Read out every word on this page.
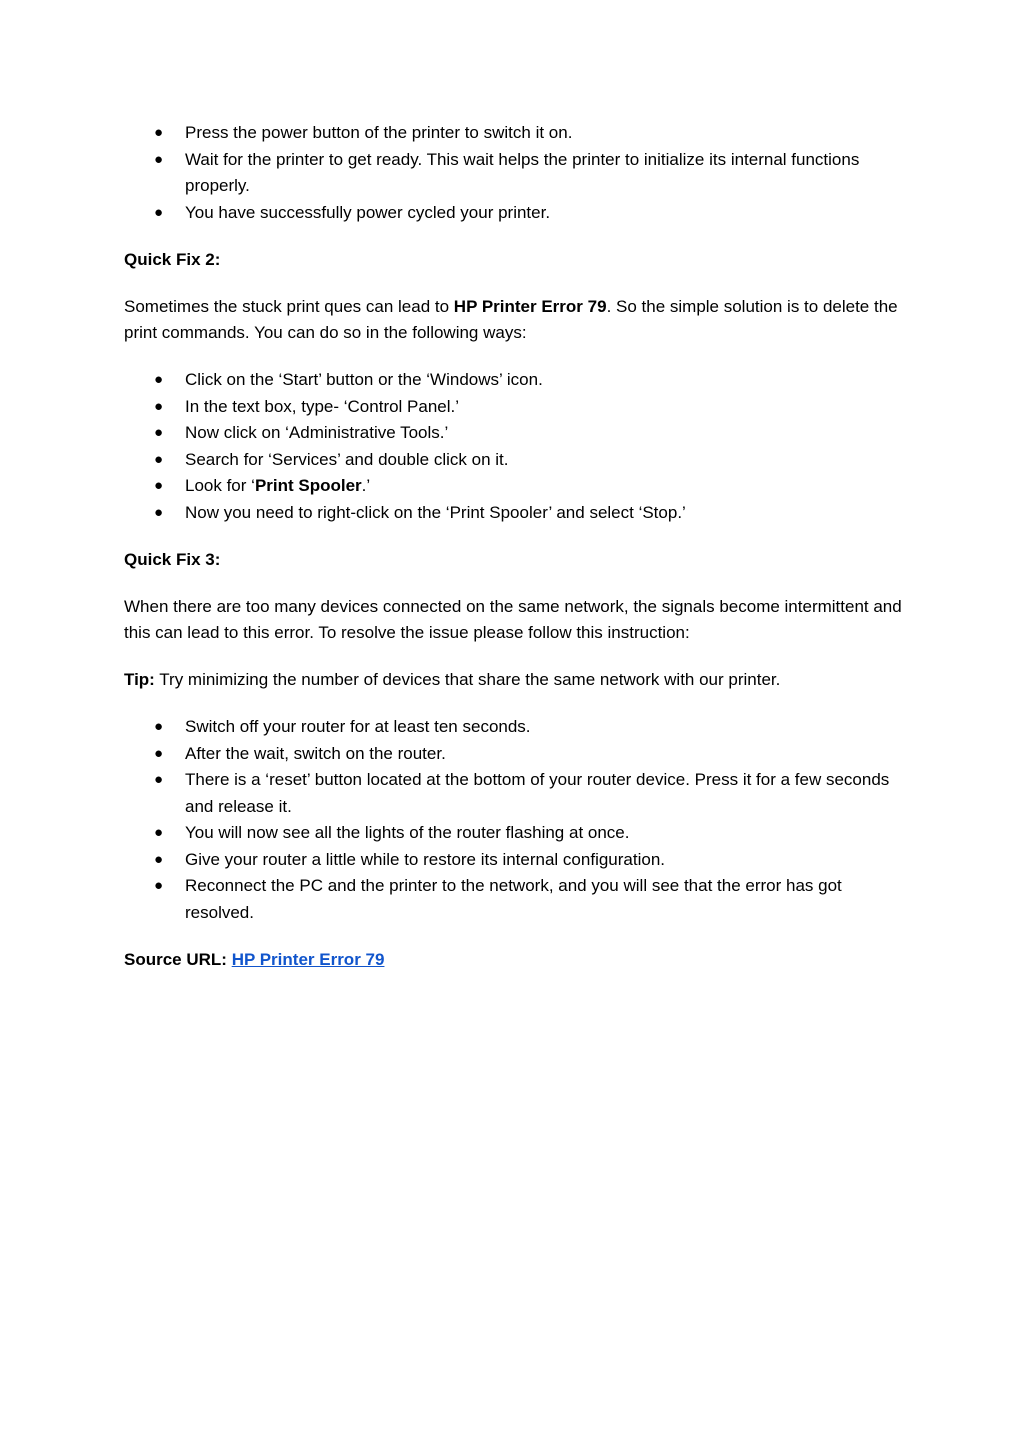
● Press the power button of the printer to switch it on.
● Wait for the printer to get ready. This wait helps the printer to initialize its internal functions properly.
● You have successfully power cycled your printer.

Quick Fix 2:

Sometimes the stuck print ques can lead to HP Printer Error 79. So the simple solution is to delete the print commands. You can do so in the following ways:

● Click on the ‘Start’ button or the ‘Windows’ icon.
● In the text box, type- ‘Control Panel.’
● Now click on ‘Administrative Tools.’
● Search for ‘Services’ and double click on it.
● Look for ‘Print Spooler.’
● Now you need to right-click on the ‘Print Spooler’ and select ‘Stop.’

Quick Fix 3:

When there are too many devices connected on the same network, the signals become intermittent and this can lead to this error. To resolve the issue please follow this instruction:

Tip: Try minimizing the number of devices that share the same network with our printer.

● Switch off your router for at least ten seconds.
● After the wait, switch on the router.
● There is a ‘reset’ button located at the bottom of your router device. Press it for a few seconds and release it.
● You will now see all the lights of the router flashing at once.
● Give your router a little while to restore its internal configuration.
● Reconnect the PC and the printer to the network, and you will see that the error has got resolved.

Source URL: HP Printer Error 79
